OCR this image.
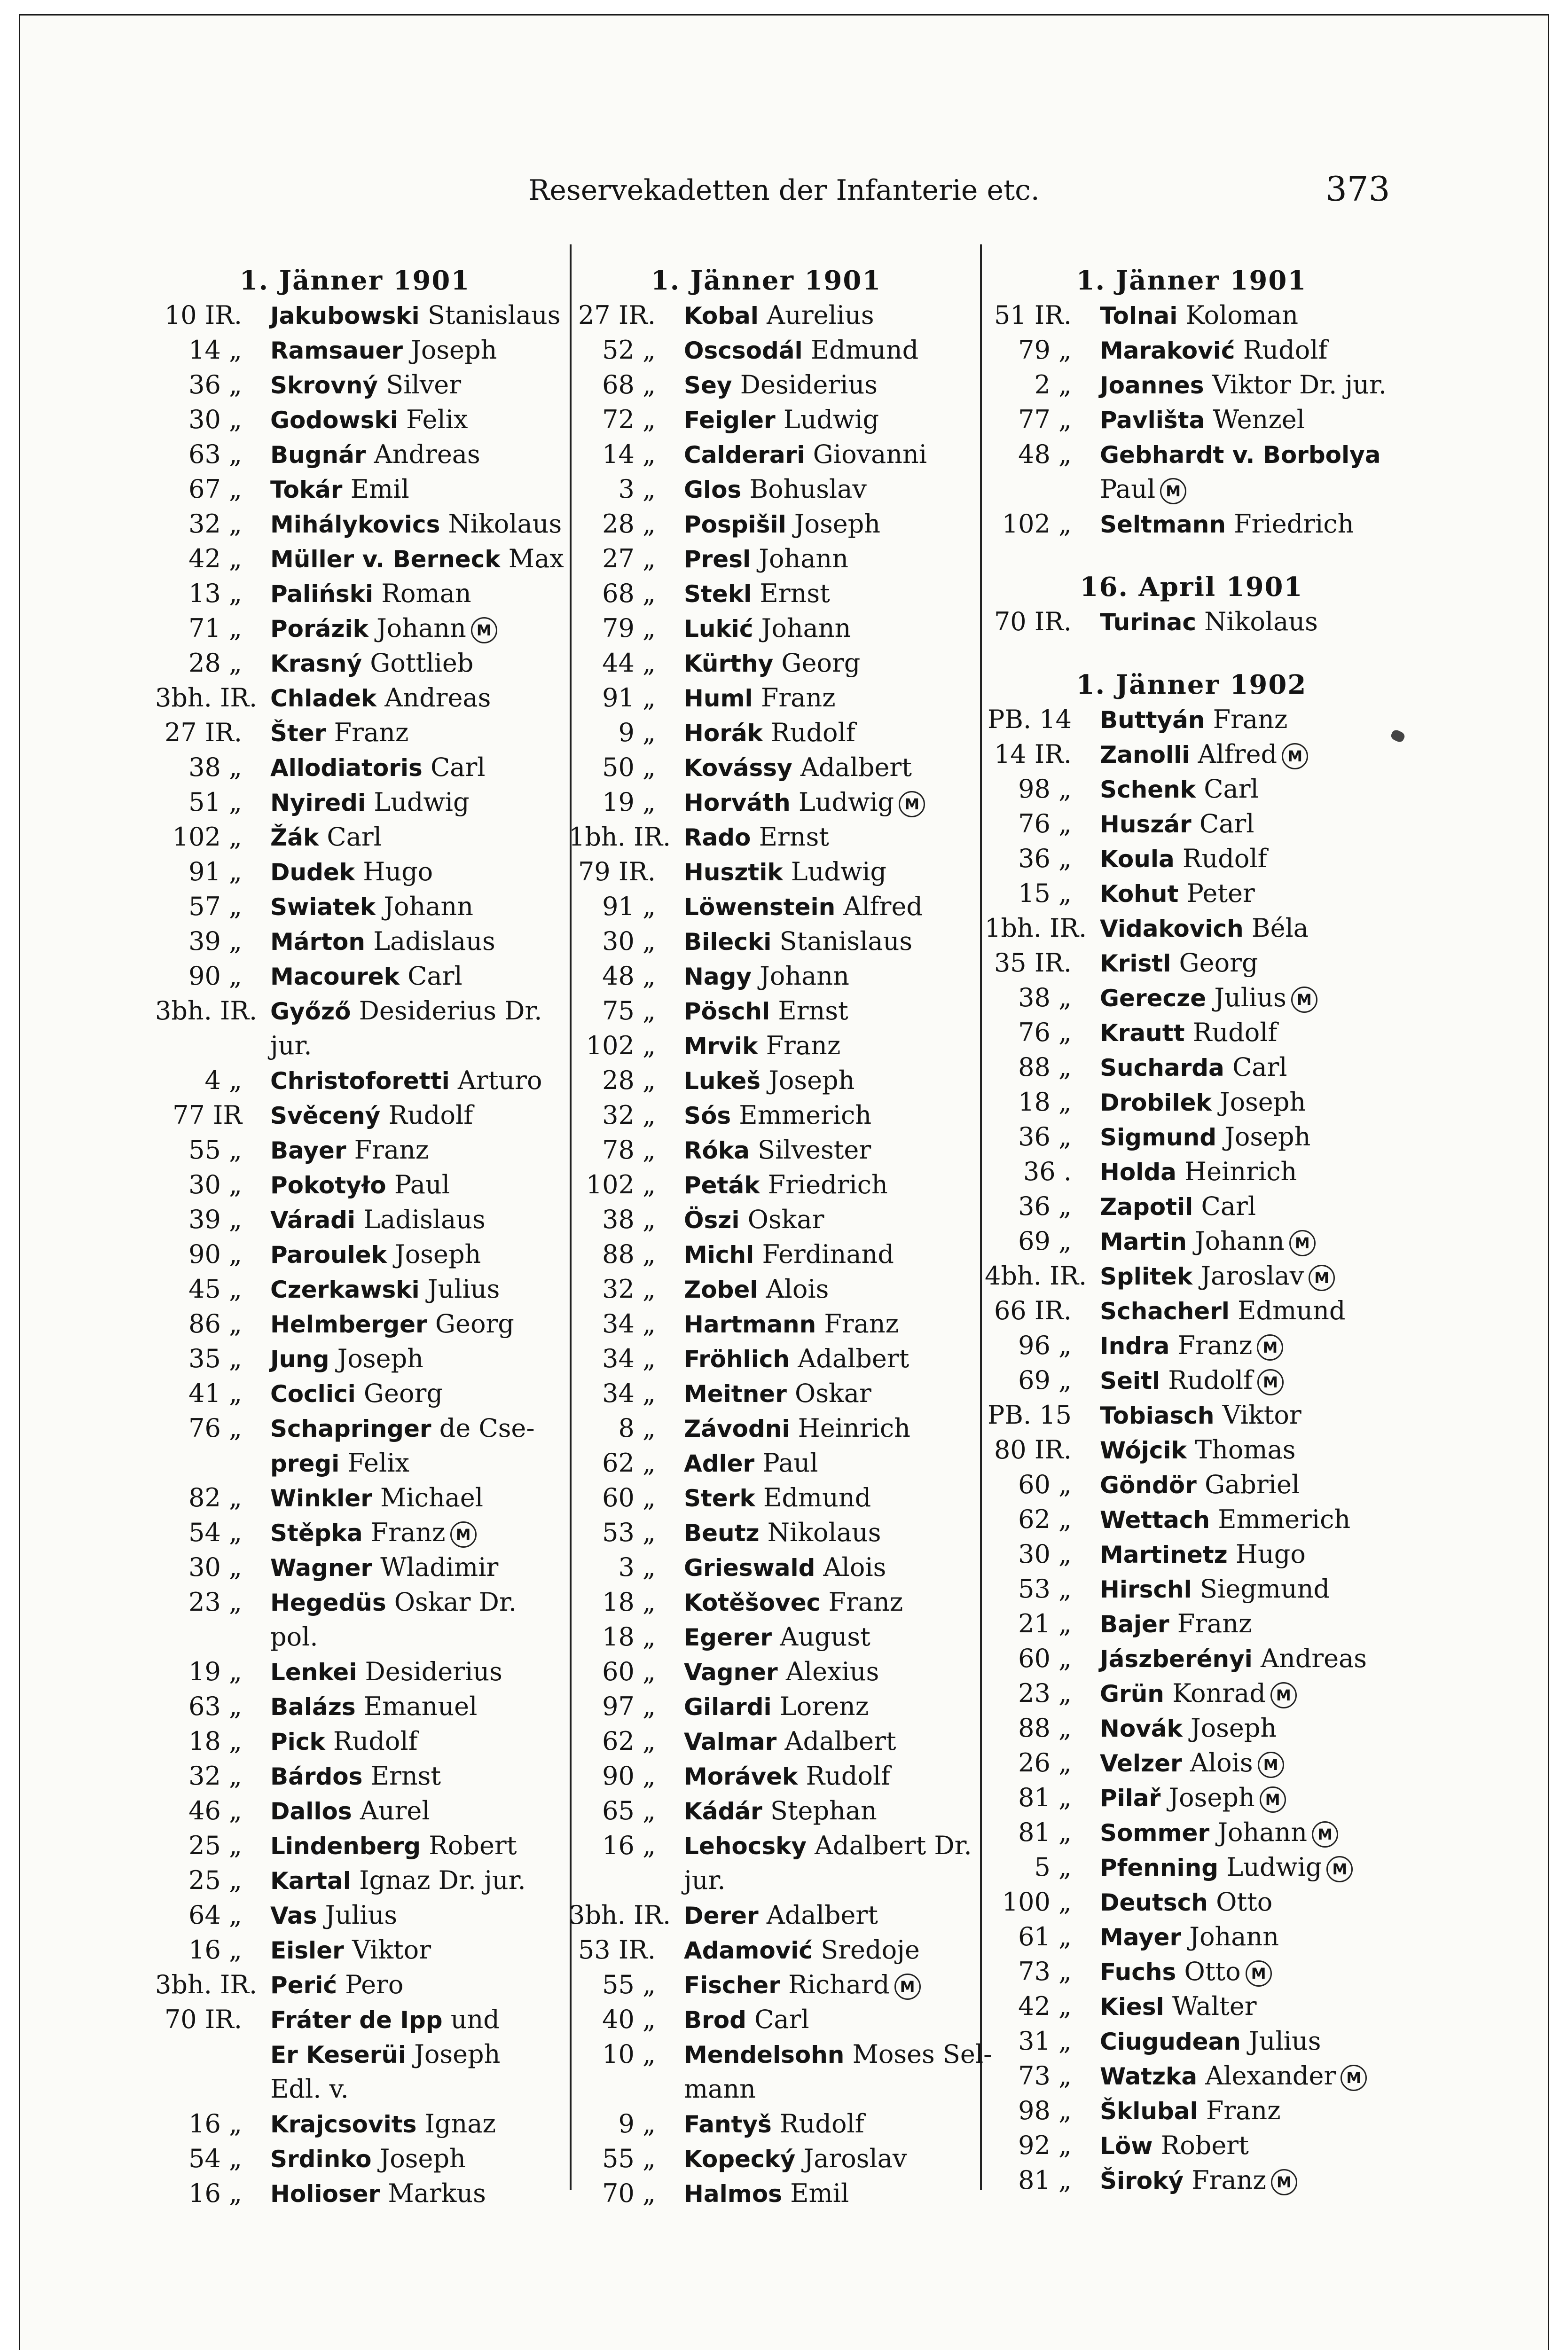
Reservekadetten der Infanterie etc.	373
1. Jänner 1901
10 IR. Jakubowski Stanislaus
14 „ Ramsauer Joseph
36 „ Skrovný Silver
30 „ Godowski Felix
63 „ Bugnár Andreas
67 „ Tokár Emil
32 „ Mihálykovics Nikolaus
42 „ Müller v. Berneck Max
13 „ Paliński Roman
71 „ Porázik Johann M
28 „ Krasný Gottlieb
3bh. IR. Chladek Andreas
27 IR. Šter Franz
38 „ Allodiatoris Carl
51 „ Nyiredi Ludwig
102 „ Žák Carl
91 „ Dudek Hugo
57 „ Swiatek Johann
39 „ Márton Ladislaus
90 „ Macourek Carl
3bh. IR. Győző Desiderius Dr.
jur.
4 „ Christoforetti Arturo
77 IR Svěcený Rudolf
55 „ Bayer Franz
30 „ Pokotyło Paul
39 „ Váradi Ladislaus
90 „ Paroulek Joseph
45 „ Czerkawski Julius
86 „ Helmberger Georg
35 „ Jung Joseph
41 „ Coclici Georg
76 „ Schapringer de Cse-
pregi Felix
82 „ Winkler Michael
54 „ Stěpka Franz M
30 „ Wagner Wladimir
23 „ Hegedüs Oskar Dr.
pol.
19 „ Lenkei Desiderius
63 „ Balázs Emanuel
18 „ Pick Rudolf
32 „ Bárdos Ernst
46 „ Dallos Aurel
25 „ Lindenberg Robert
25 „ Kartal Ignaz Dr. jur.
64 „ Vas Julius
16 „ Eisler Viktor
3bh. IR. Perić Pero
70 IR. Fráter de Ipp und
Er Keserüi Joseph
Edl. v.
16 „ Krajcsovits Ignaz
54 „ Srdinko Joseph
16 „ Holioser Markus
1. Jänner 1901
27 IR. Kobal Aurelius
52 „ Oscsodál Edmund
68 „ Sey Desiderius
72 „ Feigler Ludwig
14 „ Calderari Giovanni
3 „ Glos Bohuslav
28 „ Pospišil Joseph
27 „ Presl Johann
68 „ Stekl Ernst
79 „ Lukić Johann
44 „ Kürthy Georg
91 „ Huml Franz
9 „ Horák Rudolf
50 „ Kovássy Adalbert
19 „ Horváth Ludwig M
1bh. IR. Rado Ernst
79 IR. Husztik Ludwig
91 „ Löwenstein Alfred
30 „ Bilecki Stanislaus
48 „ Nagy Johann
75 „ Pöschl Ernst
102 „ Mrvik Franz
28 „ Lukeš Joseph
32 „ Sós Emmerich
78 „ Róka Silvester
102 „ Peták Friedrich
38 „ Öszi Oskar
88 „ Michl Ferdinand
32 „ Zobel Alois
34 „ Hartmann Franz
34 „ Fröhlich Adalbert
34 „ Meitner Oskar
8 „ Závodni Heinrich
62 „ Adler Paul
60 „ Sterk Edmund
53 „ Beutz Nikolaus
3 „ Grieswald Alois
18 „ Kotěšovec Franz
18 „ Egerer August
60 „ Vagner Alexius
97 „ Gilardi Lorenz
62 „ Valmar Adalbert
90 „ Morávek Rudolf
65 „ Kádár Stephan
16 „ Lehocsky Adalbert Dr.
jur.
3bh. IR. Derer Adalbert
53 IR. Adamović Sredoje
55 „ Fischer Richard M
40 „ Brod Carl
10 „ Mendelsohn Moses Sel-
mann
9 „ Fantyš Rudolf
55 „ Kopecký Jaroslav
70 „ Halmos Emil
1. Jänner 1901
51 IR. Tolnai Koloman
79 „ Maraković Rudolf
2 „ Joannes Viktor Dr. jur.
77 „ Pavlišta Wenzel
48 „ Gebhardt v. Borbolya
Paul M
102 „ Seltmann Friedrich
16. April 1901
70 IR. Turinac Nikolaus
1. Jänner 1902
PB. 14 Buttyán Franz
14 IR. Zanolli Alfred M
98 „ Schenk Carl
76 „ Huszár Carl
36 „ Koula Rudolf
15 „ Kohut Peter
1bh. IR. Vidakovich Béla
35 IR. Kristl Georg
38 „ Gerecze Julius M
76 „ Krautt Rudolf
88 „ Sucharda Carl
18 „ Drobilek Joseph
36 „ Sigmund Joseph
36 . Holda Heinrich
36 „ Zapotil Carl
69 „ Martin Johann M
4bh. IR. Splitek Jaroslav M
66 IR. Schacherl Edmund
96 „ Indra Franz M
69 „ Seitl Rudolf M
PB. 15 Tobiasch Viktor
80 IR. Wójcik Thomas
60 „ Göndör Gabriel
62 „ Wettach Emmerich
30 „ Martinetz Hugo
53 „ Hirschl Siegmund
21 „ Bajer Franz
60 „ Jászberényi Andreas
23 „ Grün Konrad M
88 „ Novák Joseph
26 „ Velzer Alois M
81 „ Pilař Joseph M
81 „ Sommer Johann M
5 „ Pfenning Ludwig M
100 „ Deutsch Otto
61 „ Mayer Johann
73 „ Fuchs Otto M
42 „ Kiesl Walter
31 „ Ciugudean Julius
73 „ Watzka Alexander M
98 „ Šklubal Franz
92 „ Löw Robert
81 „ Široký Franz M
